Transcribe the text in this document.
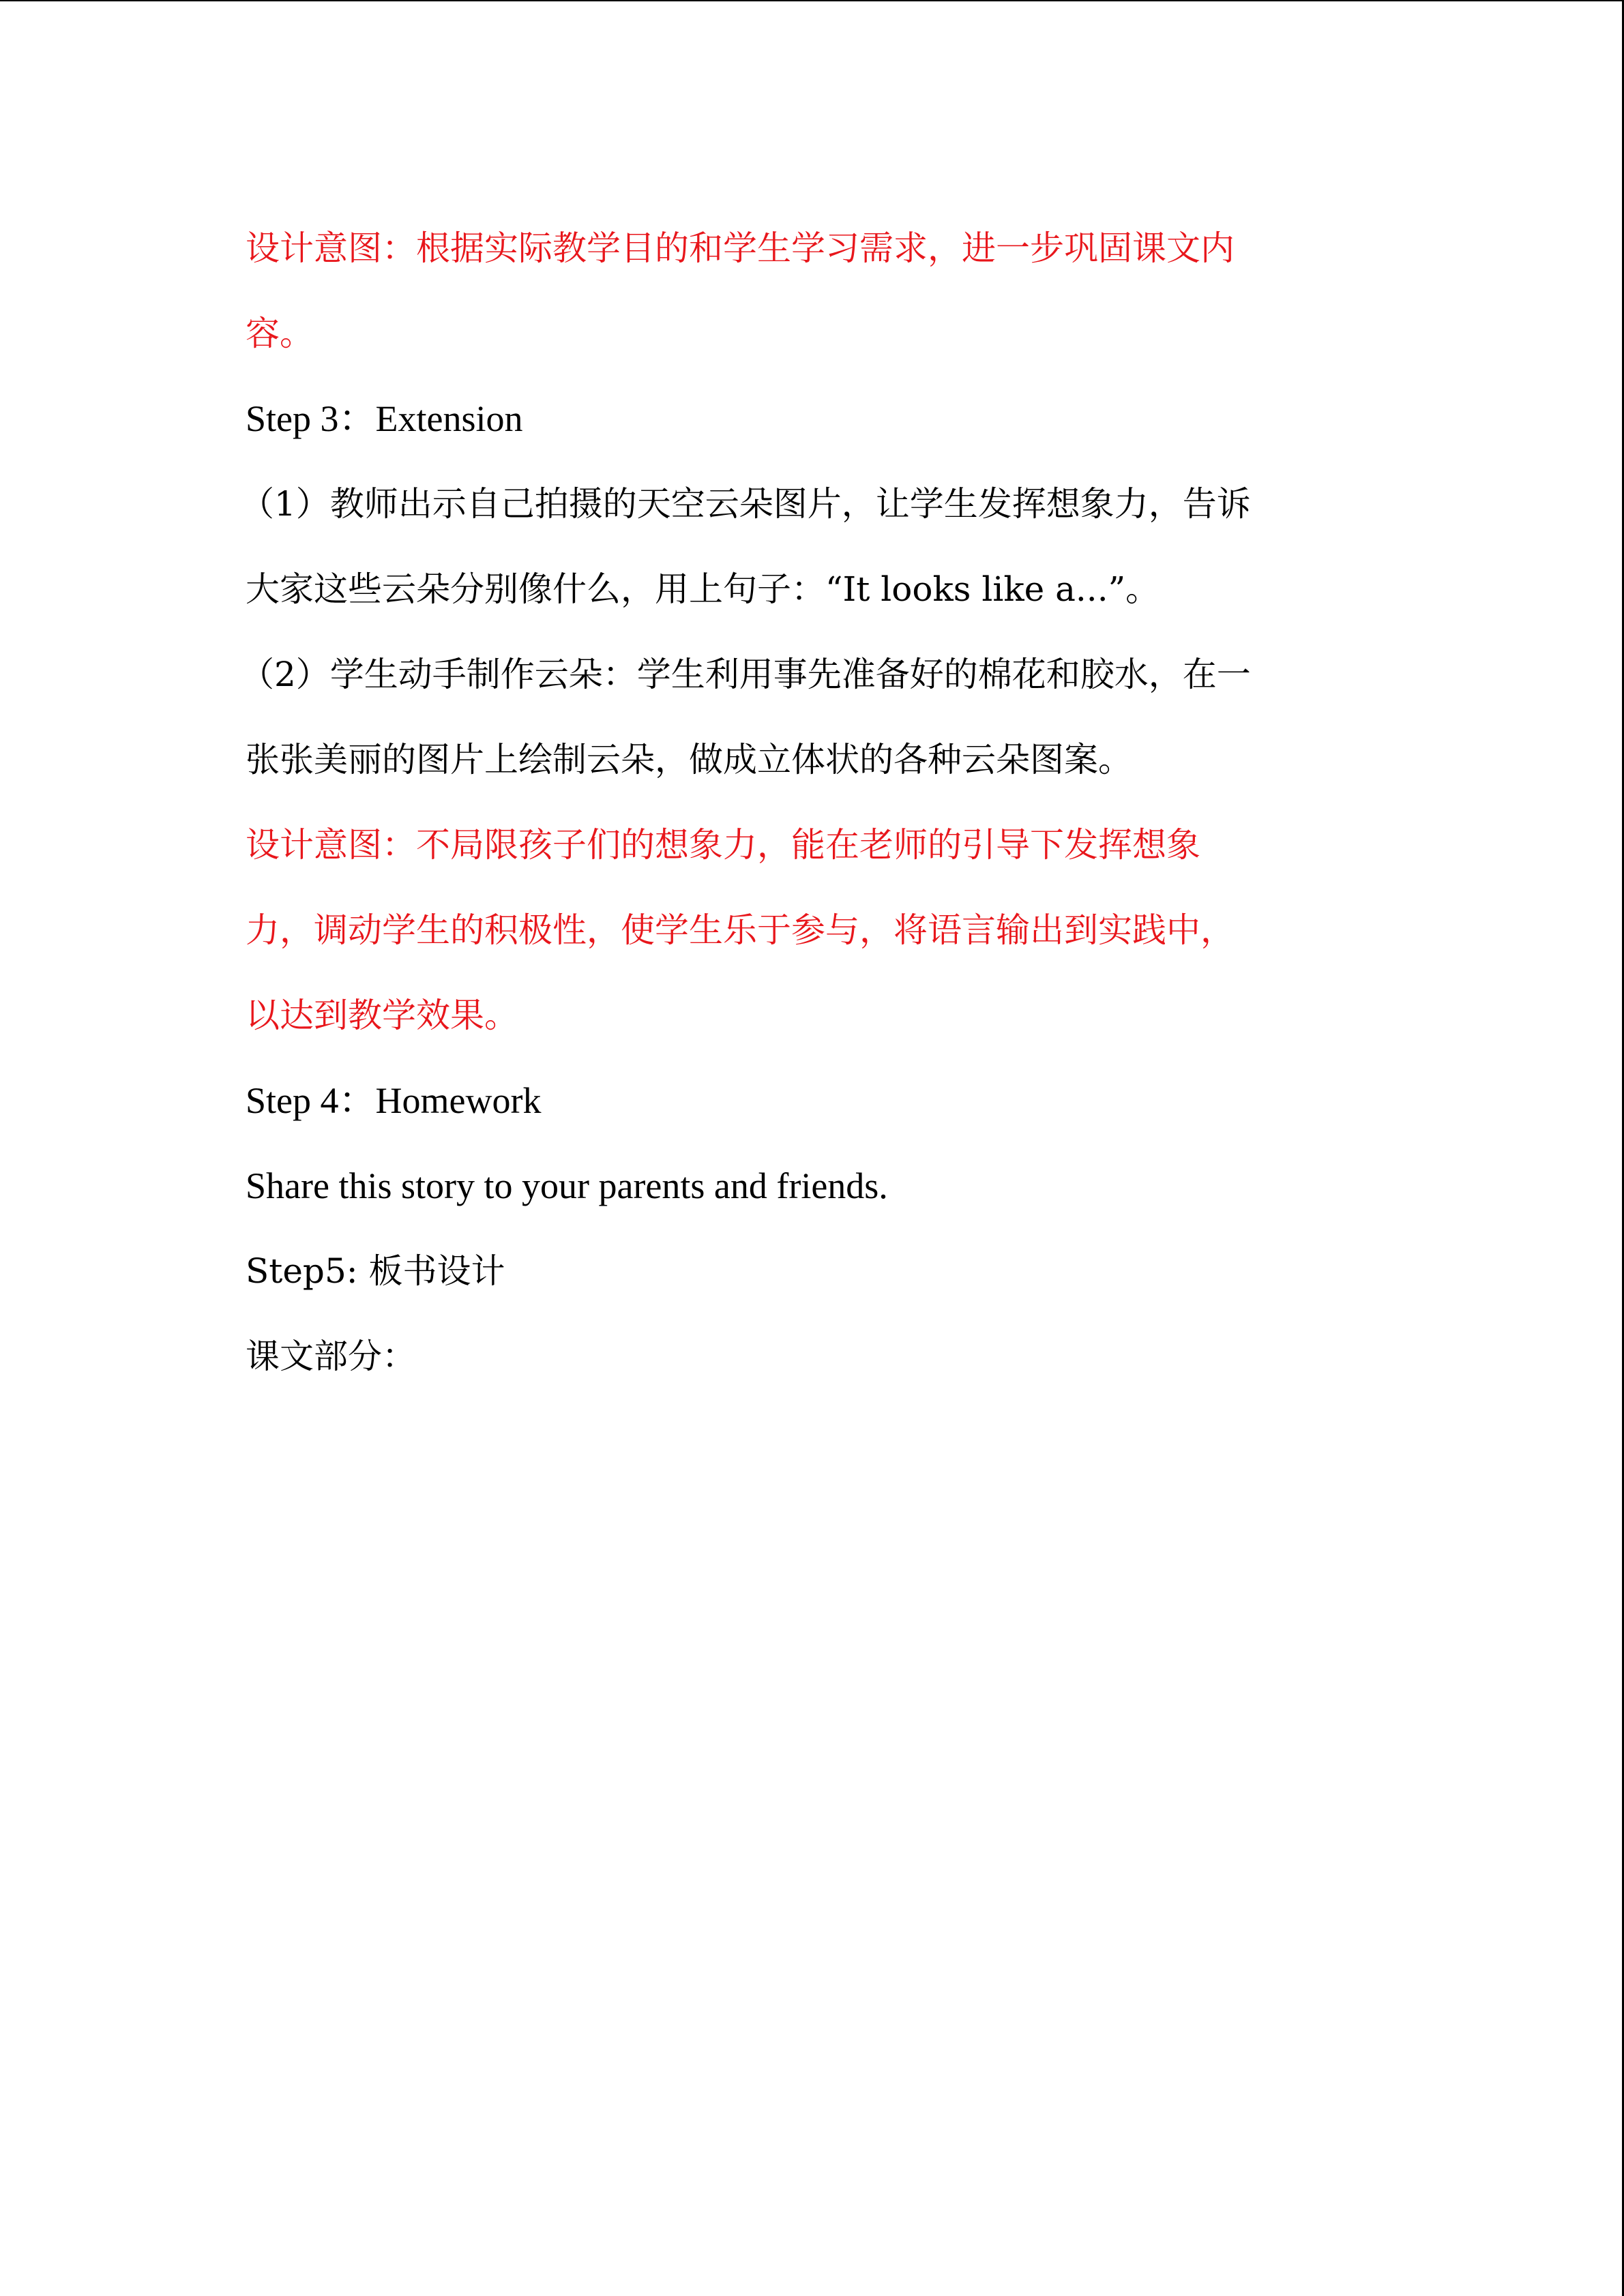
设计意图：根据实际教学目的和学生学习需求，进一步巩固课文内
容。
Step 3：Extension
（1）教师出示自己拍摄的天空云朵图片，让学生发挥想象力，告诉
大家这些云朵分别像什么，用上句子：“It looks like a...”。
（2）学生动手制作云朵：学生利用事先准备好的棉花和胶水，在一
张张美丽的图片上绘制云朵，做成立体状的各种云朵图案。
设计意图：不局限孩子们的想象力，能在老师的引导下发挥想象
力，调动学生的积极性，使学生乐于参与，将语言输出到实践中，
以达到教学效果。
Step 4：Homework
Share this story to your parents and friends.
Step5: 板书设计
课文部分：
